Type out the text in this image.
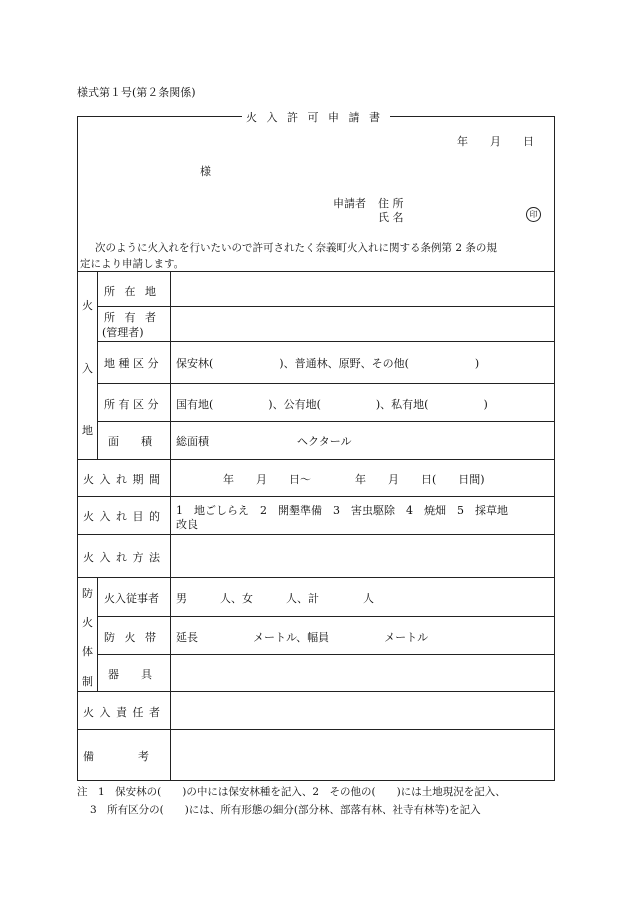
様式第１号(第２条関係)
火 入 許 可 申 請 書
年　　月　　日
様
申請者 住 所
氏 名	印
次のように火入れを行いたいので許可されたく奈義町火入れに関する条例第 2 条の規
定により申請します。
火
入
地
防
火
体
制
所 在 地
所 有 者
(管理者)
地 種 区 分
所 有 区 分
面　　積
火 入 れ 期 間
火 入 れ 目 的
火 入 れ 方 法
火入従事者
防 火 帯
器　　具
火 入 責 任 者
備　　　　考
保安林(　　　　　　)、普通林、原野、その他(　　　　　　)
国有地(　　　　　)、公有地(　　　　　)、私有地(　　　　　)
総面積　　　　　　　　ヘクタール
年　　月　　日〜　　　　年　　月　　日(　　日間)
1　地ごしらえ　2　開墾準備　3　害虫駆除　4　焼畑　5　採草地
改良
男　　　人、女　　　人、計　　　　人
延長　　　　　メートル、幅員　　　　　メートル
注　1　保安林の(　　)の中には保安林種を記入、2　その他の(　　)には土地現況を記入、
3　所有区分の(　　)には、所有形態の細分(部分林、部落有林、社寺有林等)を記入
